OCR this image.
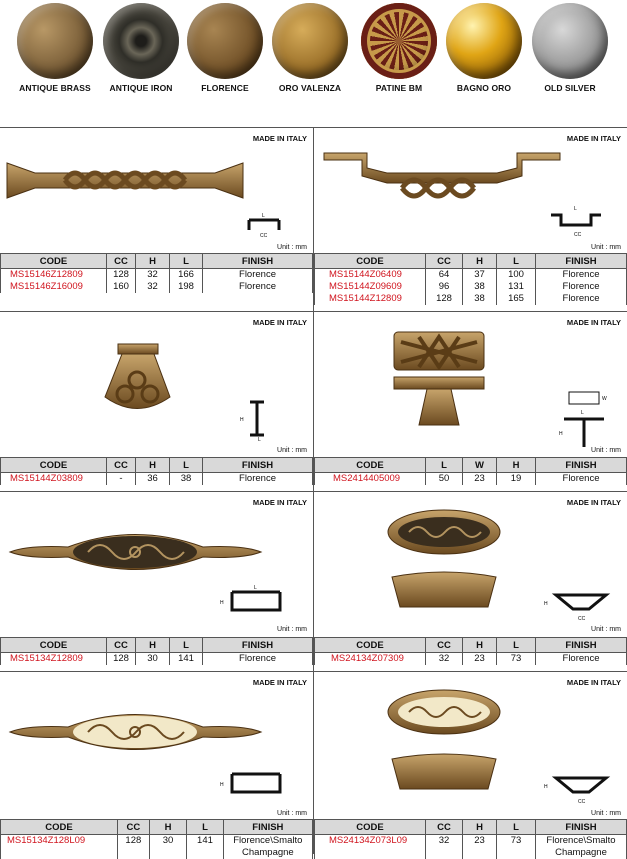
ANTIQUE BRASS	ANTIQUE IRON	FLORENCE	ORO VALENZA	PATINE BM	BAGNO ORO	OLD SILVER
MADE IN ITALY
L
CC
Unit : mm
CODE	CC	H	L	FINISH
MS15146Z12809	128	32	166	Florence
MS15146Z16009	160	32	198	Florence
MADE IN ITALY
L
CC
Unit : mm
CODE	CC	H	L	FINISH
MS15144Z06409	64	37	100	Florence
MS15144Z09609	96	38	131	Florence
MS15144Z12809	128	38	165	Florence
MADE IN ITALY
H
L
Unit : mm
CODE	CC	H	L	FINISH
MS15144Z03809	-	36	38	Florence
MADE IN ITALY
W
L
H
Unit : mm
CODE	L	W	H	FINISH
MS2414405009	50	23	19	Florence
MADE IN ITALY
L
H
Unit : mm
CODE	CC	H	L	FINISH
MS15134Z12809	128	30	141	Florence
MADE IN ITALY
H
CC
Unit : mm
CODE	CC	H	L	FINISH
MS24134Z07309	32	23	73	Florence
MADE IN ITALY
H
Unit : mm
CODE	CC	H	L	FINISH
MS15134Z128L09	128	30	141	Florence\Smalto Champagne
MADE IN ITALY
H
CC
Unit : mm
CODE	CC	H	L	FINISH
MS24134Z073L09	32	23	73	Florence\Smalto Champagne
